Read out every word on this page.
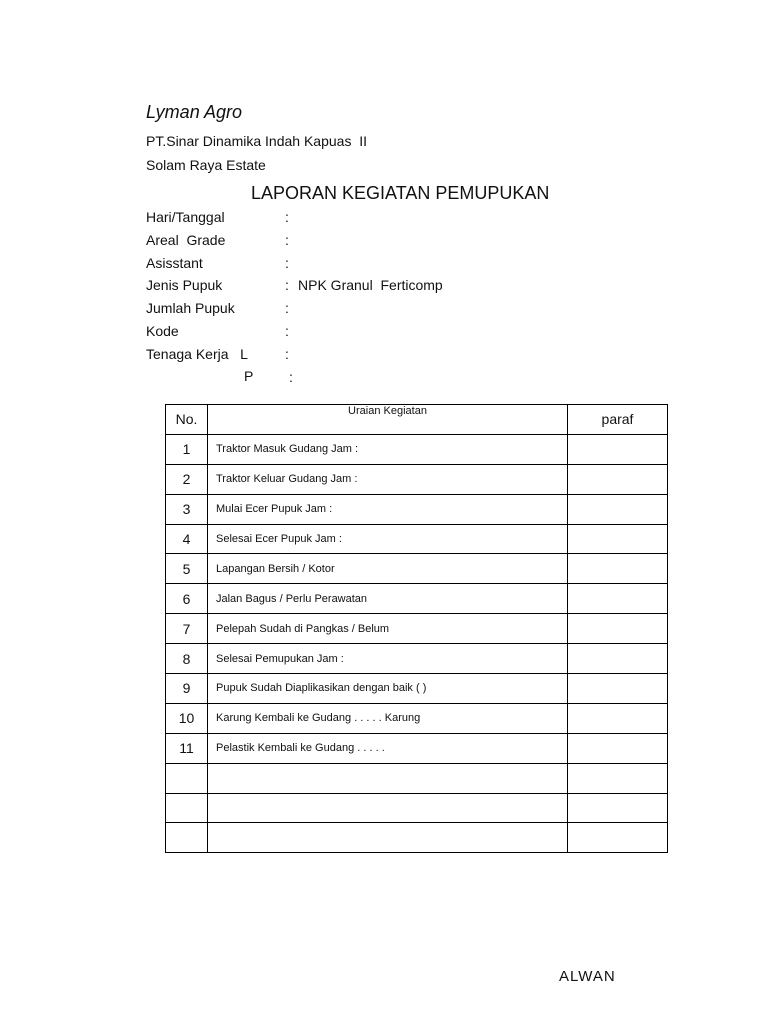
Lyman Agro
PT.Sinar Dinamika Indah Kapuas  II
Solam Raya Estate
LAPORAN KEGIATAN PEMUPUKAN
Hari/Tanggal	:
Areal  Grade	:
Asisstant	:
Jenis Pupuk	: NPK Granul  Ferticomp
Jumlah Pupuk	:
Kode	:
Tenaga Kerja   L	:
P	:
No.	Uraian Kegiatan	paraf
1	Traktor Masuk Gudang Jam :	
2	Traktor Keluar Gudang Jam :	
3	Mulai Ecer Pupuk Jam :	
4	Selesai Ecer Pupuk Jam :	
5	Lapangan Bersih / Kotor	
6	Jalan Bagus / Perlu Perawatan	
7	Pelepah Sudah di Pangkas / Belum	
8	Selesai Pemupukan Jam :	
9	Pupuk Sudah Diaplikasikan dengan baik ( )	
10	Karung Kembali ke Gudang . . . . . Karung	
11	Pelastik Kembali ke Gudang . . . . .	

ALWAN
